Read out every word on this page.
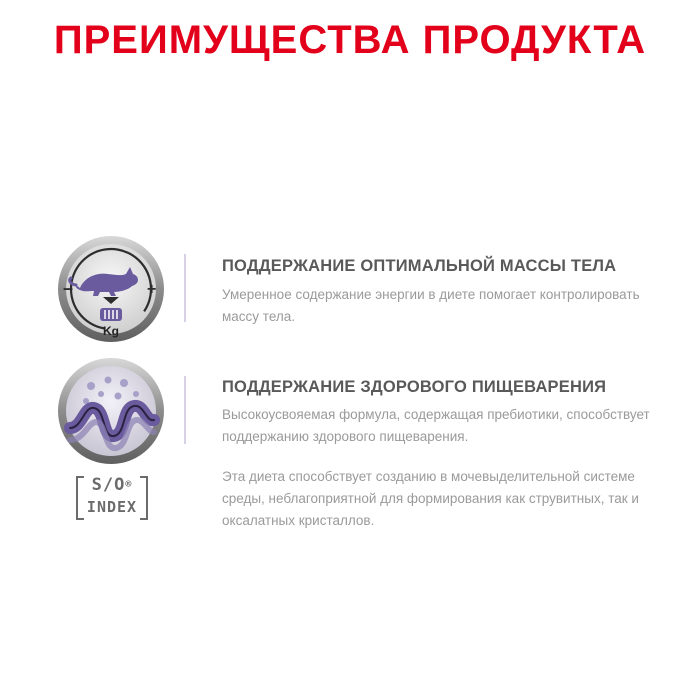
ПРЕИМУЩЕСТВА ПРОДУКТА
–	+
Kg
ПОДДЕРЖАНИЕ ОПТИМАЛЬНОЙ МАССЫ ТЕЛА
Умеренное содержание энергии в диете помогает контролировать массу тела.
ПОДДЕРЖАНИЕ ЗДОРОВОГО ПИЩЕВАРЕНИЯ
Высокоусвояемая формула, содержащая пребиотики, способствует поддержанию здорового пищеварения.
S/O®
INDEX
Эта диета способствует созданию в мочевыделительной системе среды, неблагоприятной для формирования как струвитных, так и оксалатных кристаллов.
